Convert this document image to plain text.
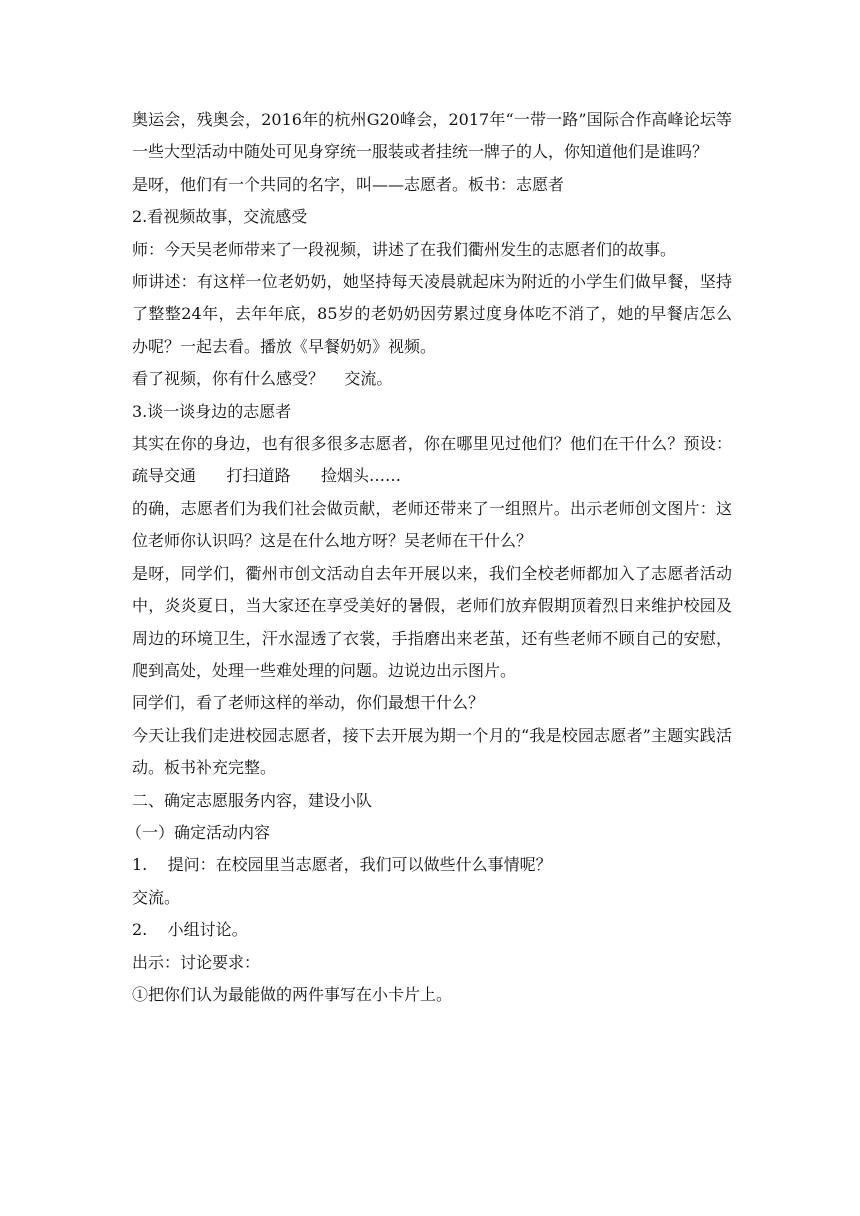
奥运会，残奥会，2016年的杭州G20峰会，2017年“一带一路”国际合作高峰论坛等一些大型活动中随处可见身穿统一服装或者挂统一牌子的人，你知道他们是谁吗？

是呀，他们有一个共同的名字，叫——志愿者。板书：志愿者

2.看视频故事，交流感受

师：今天吴老师带来了一段视频，讲述了在我们衢州发生的志愿者们的故事。

师讲述：有这样一位老奶奶，她坚持每天凌晨就起床为附近的小学生们做早餐，坚持了整整24年，去年年底，85岁的老奶奶因劳累过度身体吃不消了，她的早餐店怎么办呢？一起去看。播放《早餐奶奶》视频。

看了视频，你有什么感受？    交流。

3.谈一谈身边的志愿者

其实在你的身边，也有很多很多志愿者，你在哪里见过他们？他们在干什么？预设：疏导交通      打扫道路      捡烟头……

的确，志愿者们为我们社会做贡献，老师还带来了一组照片。出示老师创文图片：这位老师你认识吗？这是在什么地方呀？吴老师在干什么？

是呀，同学们，衢州市创文活动自去年开展以来，我们全校老师都加入了志愿者活动中，炎炎夏日，当大家还在享受美好的暑假，老师们放弃假期顶着烈日来维护校园及周边的环境卫生，汗水湿透了衣裳，手指磨出来老茧，还有些老师不顾自己的安慰，爬到高处，处理一些难处理的问题。边说边出示图片。

同学们，看了老师这样的举动，你们最想干什么？

今天让我们走进校园志愿者，接下去开展为期一个月的“我是校园志愿者”主题实践活动。板书补充完整。

二、确定志愿服务内容，建设小队

（一）确定活动内容

1.    提问：在校园里当志愿者，我们可以做些什么事情呢？

交流。

2.    小组讨论。

出示：讨论要求：

①把你们认为最能做的两件事写在小卡片上。
